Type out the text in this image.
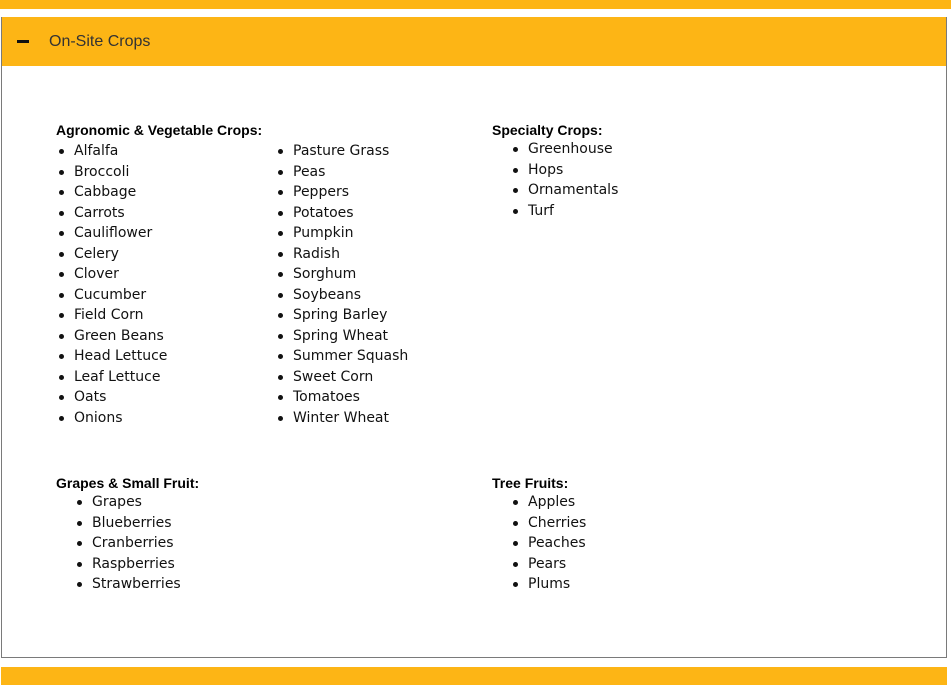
On-Site Crops
Agronomic & Vegetable Crops:
Alfalfa
Broccoli
Cabbage
Carrots
Cauliflower
Celery
Clover
Cucumber
Field Corn
Green Beans
Head Lettuce
Leaf Lettuce
Oats
Onions
Pasture Grass
Peas
Peppers
Potatoes
Pumpkin
Radish
Sorghum
Soybeans
Spring Barley
Spring Wheat
Summer Squash
Sweet Corn
Tomatoes
Winter Wheat
Specialty Crops:
Greenhouse
Hops
Ornamentals
Turf
Grapes & Small Fruit:
Grapes
Blueberries
Cranberries
Raspberries
Strawberries
Tree Fruits:
Apples
Cherries
Peaches
Pears
Plums
